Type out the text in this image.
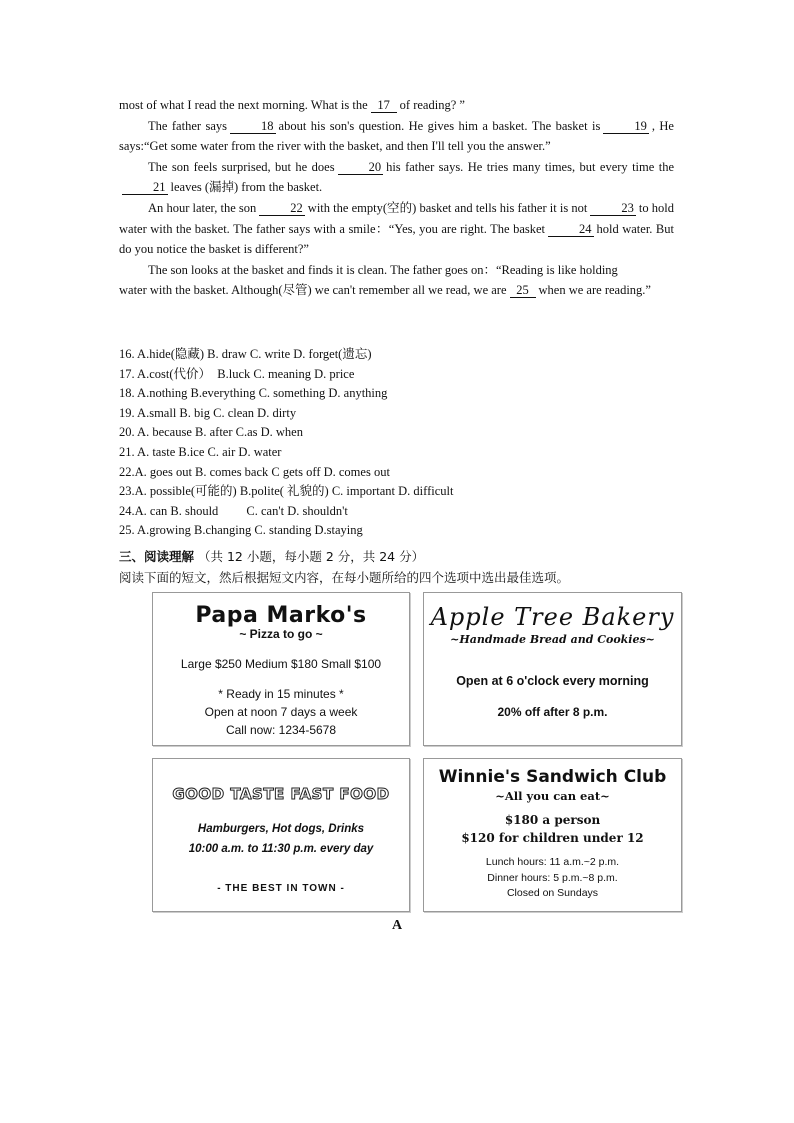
most of what I read the next morning. What is the 17 of reading? ”

The father says	18 about his son's question. He gives him a basket. The basket is	19 , He says:“Get some water from the river with the basket, and then I'll tell you the answer.”

The son feels surprised, but he does	20 his father says. He tries many times, but every time the21 leaves (漏掉) from the basket.

An hour later, the son	22 with the empty(空的) basket and tells his father it is not	23 to hold water with the basket. The father says with a smile：“Yes, you are right. The basket	24 hold water. But do you notice the basket is different?”

The son looks at the basket and finds it is clean. The father goes on：“Reading is like holding

water with the basket. Although(尽管) we can't remember all we read, we are 25 when we are reading.”

16. A.hide(隐藏) B. draw C. write D. forget(遗忘)
17. A.cost(代价）  B.luck C. meaning D. price
18. A.nothing B.everything C. something D. anything
19. A.small B. big C. clean D. dirty
20. A. because B. after C.as D. when
21. A. taste B.ice C. air D. water
22.A. goes out B. comes back C gets off D. comes out
23.A. possible(可能的) B.polite( 礼貌的) C. important D. difficult
24.A. can B. should         C. can't D. shouldn't
25. A.growing B.changing C. standing D.staying
三、阅读理解 （共 12 小题，每小题 2 分，共 24 分）
阅读下面的短文，然后根据短文内容，在每小题所给的四个选项中选出最佳选项。
Papa Marko's
~ Pizza to go ~
Large $250 Medium $180 Small $100
* Ready in 15 minutes *
Open at noon 7 days a week
Call now: 1234-5678
Apple Tree Bakery
~Handmade Bread and Cookies~
Open at 6 o'clock every morning
20% off after 8 p.m.
GOOD TASTE FAST FOOD
Hamburgers, Hot dogs, Drinks
10:00 a.m. to 11:30 p.m. every day
- THE BEST IN TOWN -
Winnie's Sandwich Club
~All you can eat~
$180 a person
$120 for children under 12
Lunch hours: 11 a.m.~2 p.m.
Dinner hours: 5 p.m.~8 p.m.
Closed on Sundays
A
